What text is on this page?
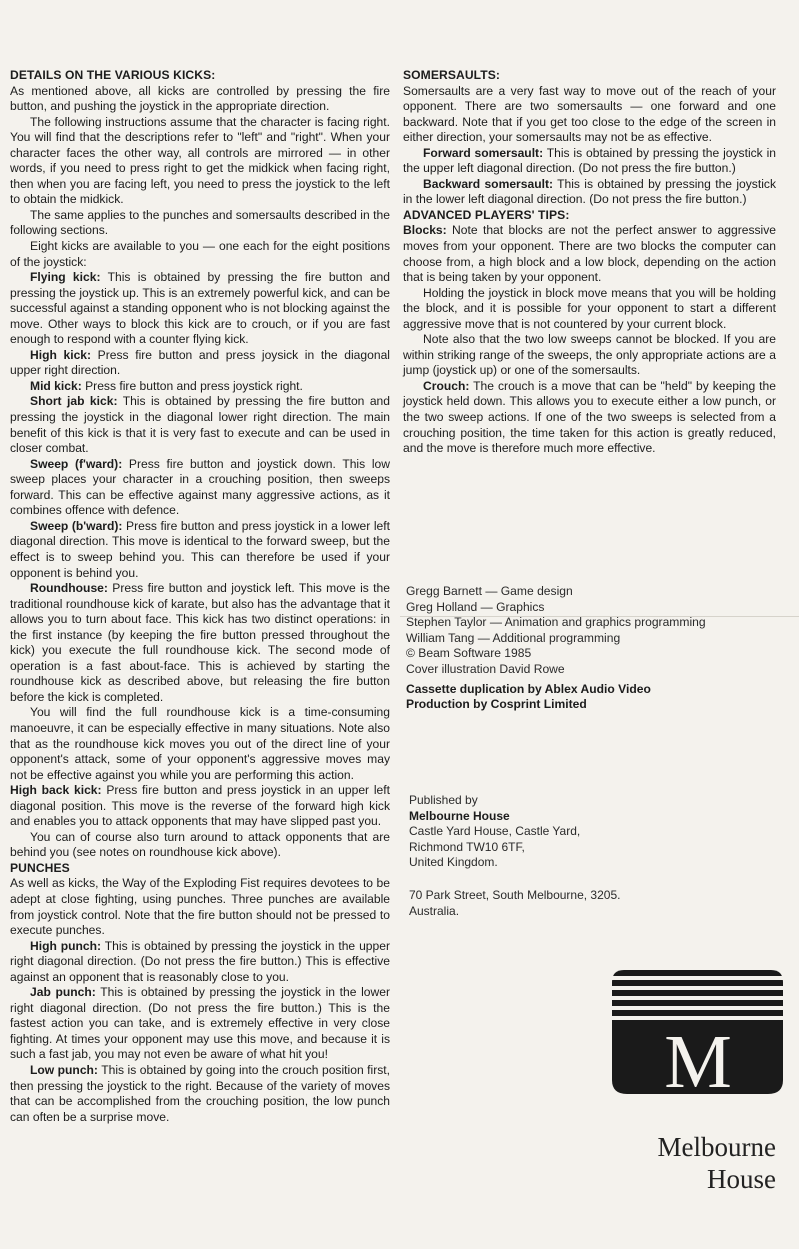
DETAILS ON THE VARIOUS KICKS:

As mentioned above, all kicks are controlled by pressing the fire button, and pushing the joystick in the appropriate direction.

The following instructions assume that the character is facing right. You will find that the descriptions refer to "left" and "right". When your character faces the other way, all controls are mirrored — in other words, if you need to press right to get the midkick when facing right, then when you are facing left, you need to press the joystick to the left to obtain the midkick.

The same applies to the punches and somersaults described in the following sections.

Eight kicks are available to you — one each for the eight positions of the joystick:

Flying kick: This is obtained by pressing the fire button and pressing the joystick up. This is an extremely powerful kick, and can be successful against a standing opponent who is not blocking against the move. Other ways to block this kick are to crouch, or if you are fast enough to respond with a counter flying kick.

High kick: Press fire button and press joysick in the diagonal upper right direction.

Mid kick: Press fire button and press joystick right.

Short jab kick: This is obtained by pressing the fire button and pressing the joystick in the diagonal lower right direction. The main benefit of this kick is that it is very fast to execute and can be used in closer combat.

Sweep (f'ward): Press fire button and joystick down. This low sweep places your character in a crouching position, then sweeps forward. This can be effective against many aggressive actions, as it combines offence with defence.

Sweep (b'ward): Press fire button and press joystick in a lower left diagonal direction. This move is identical to the forward sweep, but the effect is to sweep behind you. This can therefore be used if your opponent is behind you.

Roundhouse: Press fire button and joystick left. This move is the traditional roundhouse kick of karate, but also has the advantage that it allows you to turn about face. This kick has two distinct operations: in the first instance (by keeping the fire button pressed throughout the kick) you execute the full roundhouse kick. The second mode of operation is a fast about-face. This is achieved by starting the roundhouse kick as described above, but releasing the fire button before the kick is completed.

You will find the full roundhouse kick is a time-consuming manoeuvre, it can be especially effective in many situations. Note also that as the roundhouse kick moves you out of the direct line of your opponent's attack, some of your opponent's aggressive moves may not be effective against you while you are performing this action.

High back kick: Press fire button and press joystick in an upper left diagonal position. This move is the reverse of the forward high kick and enables you to attack opponents that may have slipped past you.

You can of course also turn around to attack opponents that are behind you (see notes on roundhouse kick above).

PUNCHES

As well as kicks, the Way of the Exploding Fist requires devotees to be adept at close fighting, using punches. Three punches are available from joystick control. Note that the fire button should not be pressed to execute punches.

High punch: This is obtained by pressing the joystick in the upper right diagonal direction. (Do not press the fire button.) This is effective against an opponent that is reasonably close to you.

Jab punch: This is obtained by pressing the joystick in the lower right diagonal direction. (Do not press the fire button.) This is the fastest action you can take, and is extremely effective in very close fighting. At times your opponent may use this move, and because it is such a fast jab, you may not even be aware of what hit you!

Low punch: This is obtained by going into the crouch position first, then pressing the joystick to the right. Because of the variety of moves that can be accomplished from the crouching position, the low punch can often be a surprise move.

SOMERSAULTS:

Somersaults are a very fast way to move out of the reach of your opponent. There are two somersaults — one forward and one backward. Note that if you get too close to the edge of the screen in either direction, your somersaults may not be as effective.

Forward somersault: This is obtained by pressing the joystick in the upper left diagonal direction. (Do not press the fire button.)

Backward somersault: This is obtained by pressing the joystick in the lower left diagonal direction. (Do not press the fire button.)

ADVANCED PLAYERS' TIPS:

Blocks: Note that blocks are not the perfect answer to aggressive moves from your opponent. There are two blocks the computer can choose from, a high block and a low block, depending on the action that is being taken by your opponent.

Holding the joystick in block move means that you will be holding the block, and it is possible for your opponent to start a different aggressive move that is not countered by your current block.

Note also that the two low sweeps cannot be blocked. If you are within striking range of the sweeps, the only appropriate actions are a jump (joystick up) or one of the somersaults.

Crouch: The crouch is a move that can be "held" by keeping the joystick held down. This allows you to execute either a low punch, or the two sweep actions. If one of the two sweeps is selected from a crouching position, the time taken for this action is greatly reduced, and the move is therefore much more effective.

Gregg Barnett — Game design
Greg Holland — Graphics
Stephen Taylor — Animation and graphics programming
William Tang — Additional programming
© Beam Software 1985
Cover illustration David Rowe
Cassette duplication by Ablex Audio Video
Production by Cosprint Limited
Published by
Melbourne House
Castle Yard House, Castle Yard,
Richmond TW10 6TF,
United Kingdom.
70 Park Street, South Melbourne, 3205.
Australia.
M
Melbourne
House
